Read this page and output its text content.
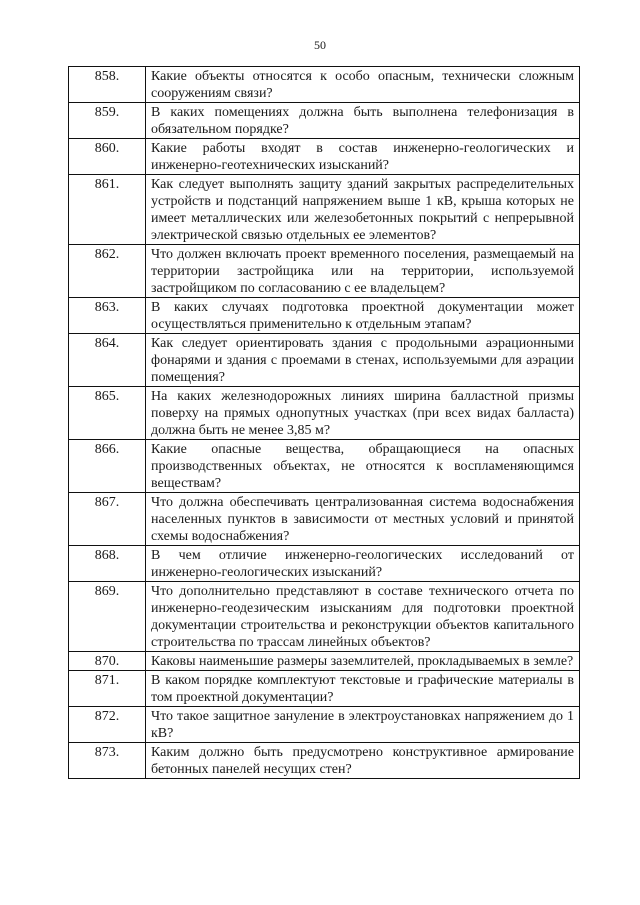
50
858.	Какие объекты относятся к особо опасным, технически сложным сооружениям связи?
859.	В каких помещениях должна быть выполнена телефонизация в обязательном порядке?
860.	Какие работы входят в состав инженерно-геологических и инженерно-геотехнических изысканий?
861.	Как следует выполнять защиту зданий закрытых распределительных устройств и подстанций напряжением выше 1 кВ, крыша которых не имеет металлических или железобетонных покрытий с непрерывной электрической связью отдельных ее элементов?
862.	Что должен включать проект временного поселения, размещаемый на территории застройщика или на территории, используемой застройщиком по согласованию с ее владельцем?
863.	В каких случаях подготовка проектной документации может осуществляться применительно к отдельным этапам?
864.	Как следует ориентировать здания с продольными аэрационными фонарями и здания с проемами в стенах, используемыми для аэрации помещения?
865.	На каких железнодорожных линиях ширина балластной призмы поверху на прямых однопутных участках (при всех видах балласта) должна быть не менее 3,85 м?
866.	Какие опасные вещества, обращающиеся на опасных производственных объектах, не относятся к воспламеняющимся веществам?
867.	Что должна обеспечивать централизованная система водоснабжения населенных пунктов в зависимости от местных условий и принятой схемы водоснабжения?
868.	В чем отличие инженерно-геологических исследований от инженерно-геологических изысканий?
869.	Что дополнительно представляют в составе технического отчета по инженерно-геодезическим изысканиям для подготовки проектной документации строительства и реконструкции объектов капитального строительства по трассам линейных объектов?
870.	Каковы наименьшие размеры заземлителей, прокладываемых в земле?
871.	В каком порядке комплектуют текстовые и графические материалы в том проектной документации?
872.	Что такое защитное зануление в электроустановках напряжением до 1 кВ?
873.	Каким должно быть предусмотрено конструктивное армирование бетонных панелей несущих стен?
